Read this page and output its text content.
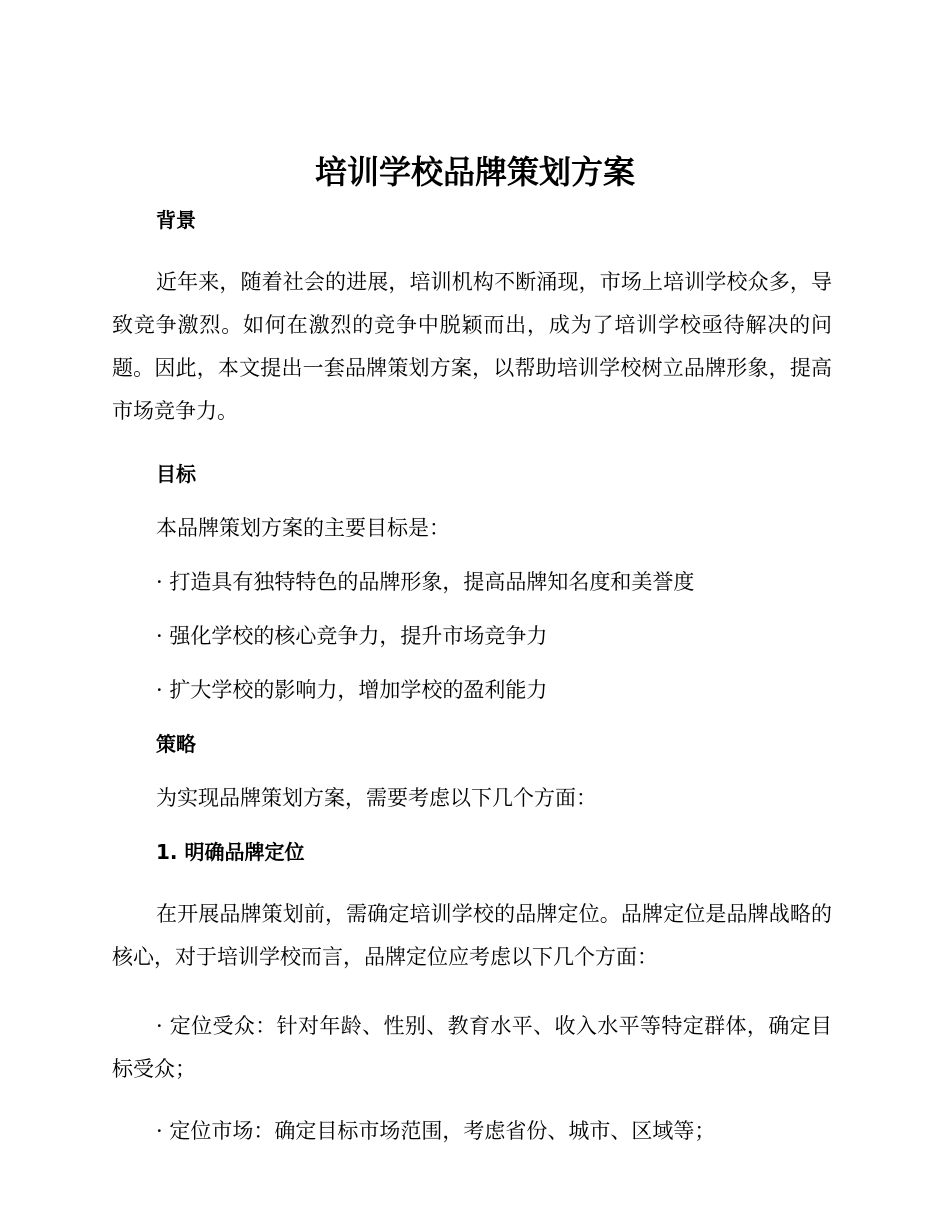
培训学校品牌策划方案
背景

近年来，随着社会的进展，培训机构不断涌现，市场上培训学校众多，导致竞争激烈。如何在激烈的竞争中脱颖而出，成为了培训学校亟待解决的问题。因此，本文提出一套品牌策划方案，以帮助培训学校树立品牌形象，提高市场竞争力。

目标

本品牌策划方案的主要目标是：

· 打造具有独特特色的品牌形象，提高品牌知名度和美誉度

· 强化学校的核心竞争力，提升市场竞争力

· 扩大学校的影响力，增加学校的盈利能力

策略

为实现品牌策划方案，需要考虑以下几个方面：

1. 明确品牌定位

在开展品牌策划前，需确定培训学校的品牌定位。品牌定位是品牌战略的核心，对于培训学校而言，品牌定位应考虑以下几个方面：

· 定位受众：针对年龄、性别、教育水平、收入水平等特定群体，确定目标受众；

· 定位市场：确定目标市场范围，考虑省份、城市、区域等；
